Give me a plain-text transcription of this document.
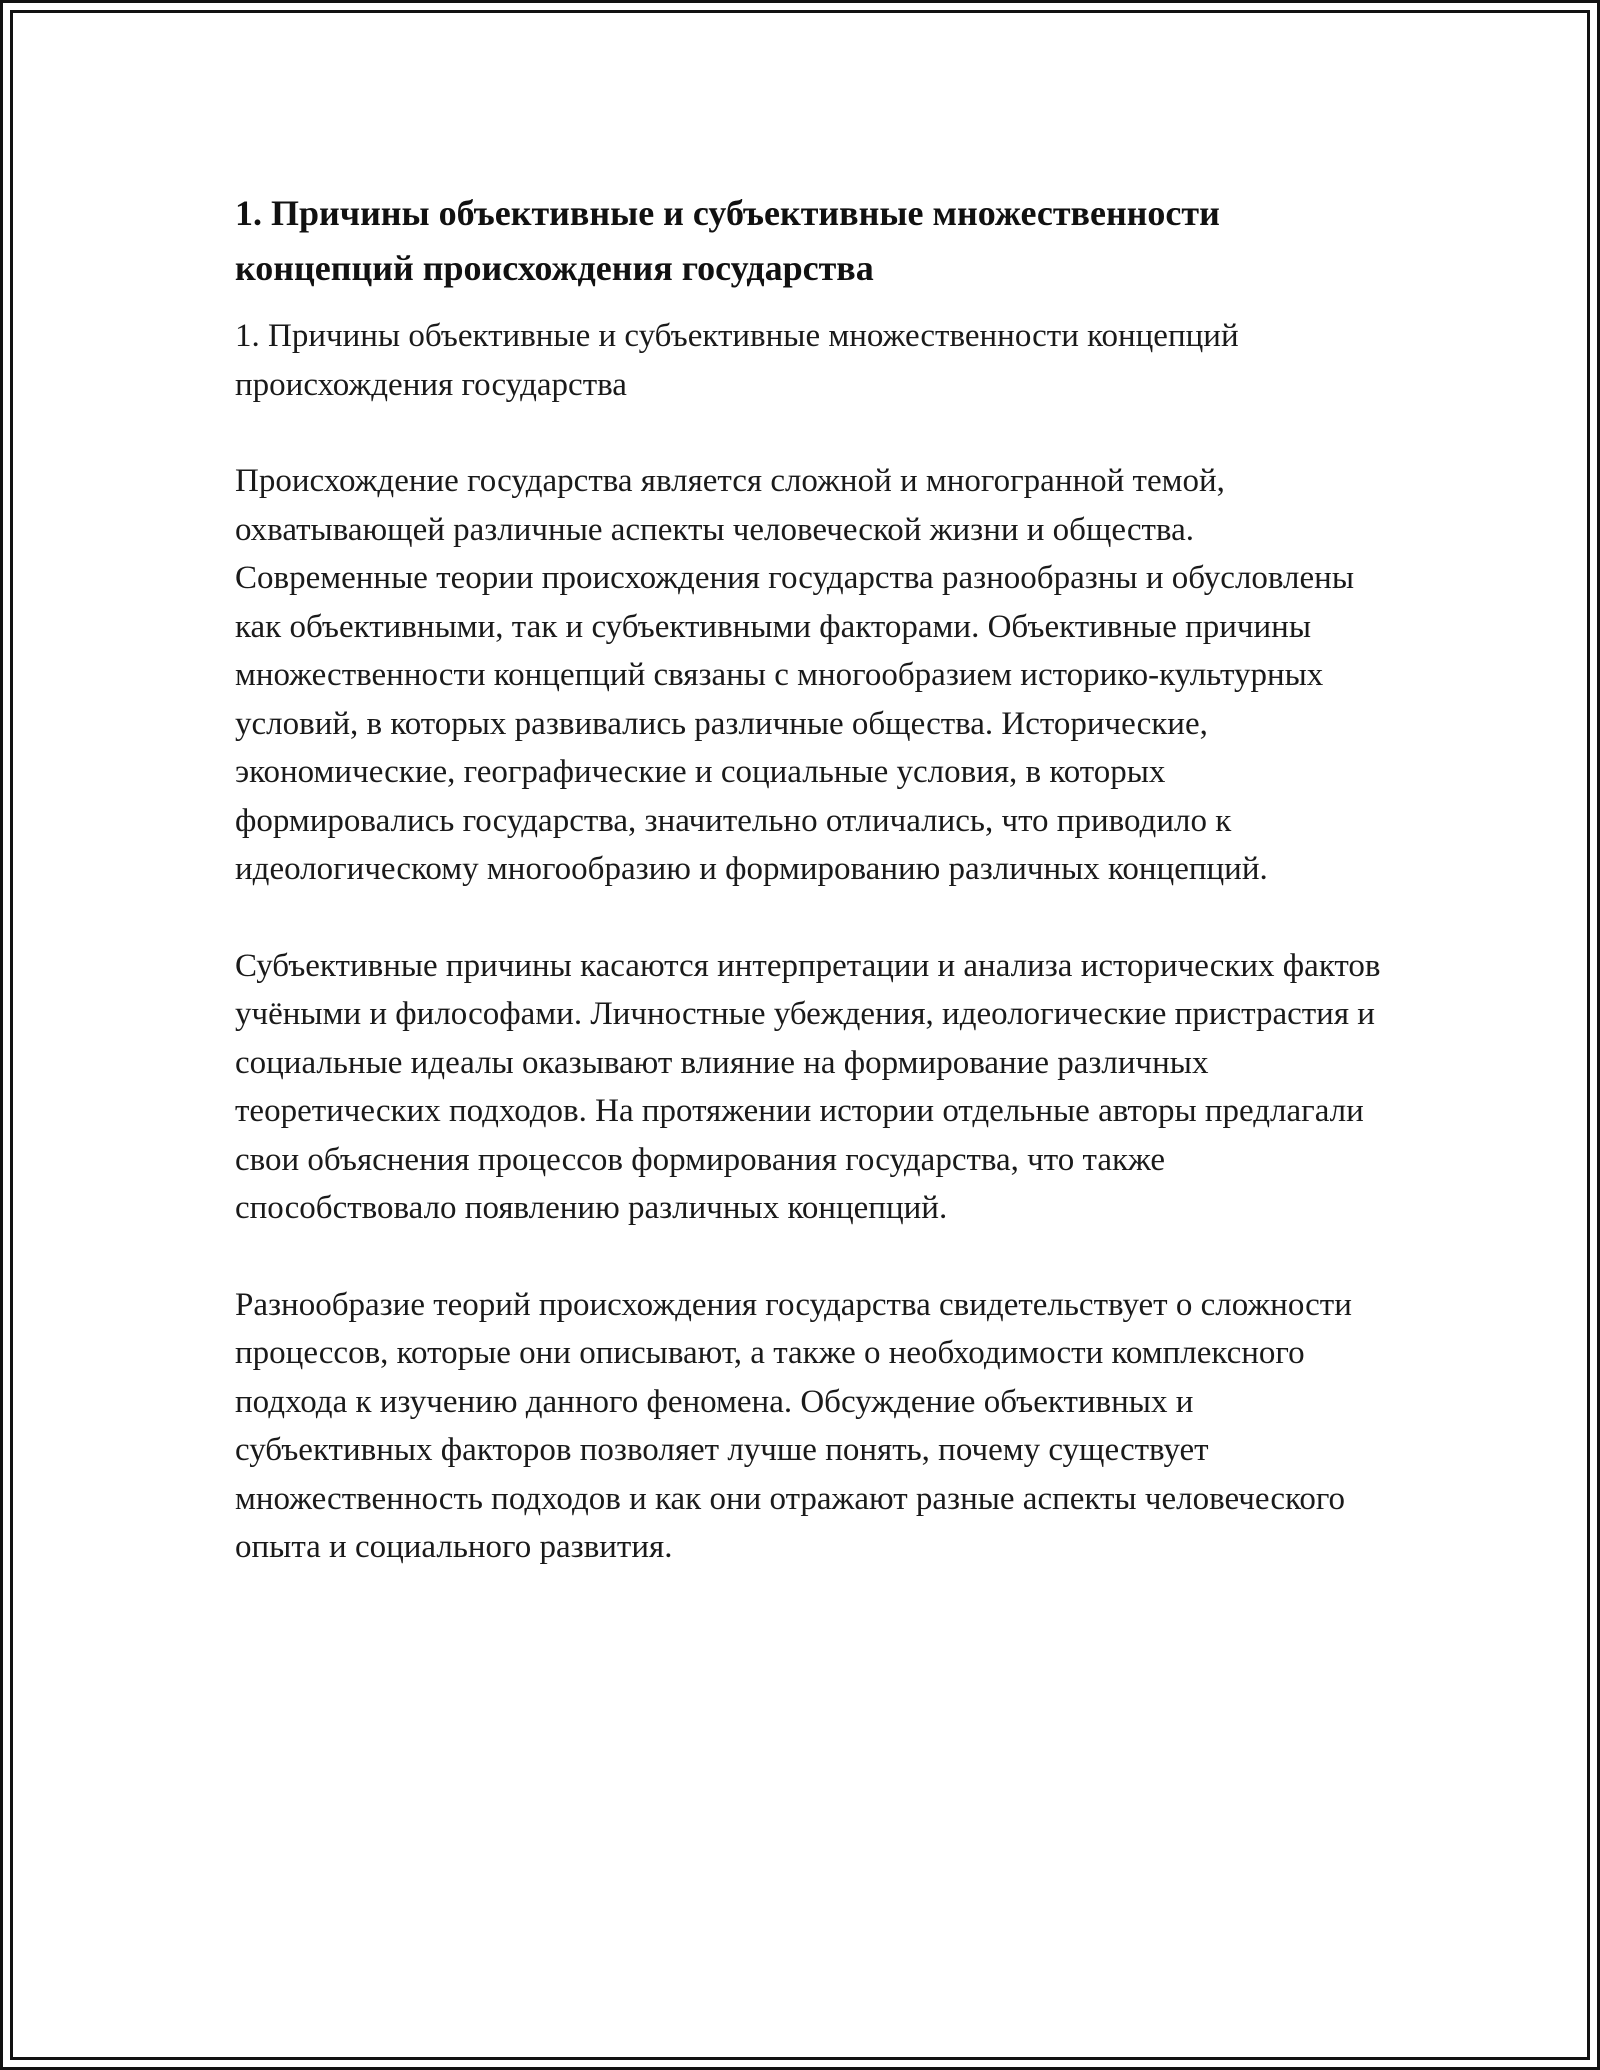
1. Причины объективные и субъективные множественности концепций происхождения государства

1. Причины объективные и субъективные множественности концепций происхождения государства

Происхождение государства является сложной и многогранной темой, охватывающей различные аспекты человеческой жизни и общества. Современные теории происхождения государства разнообразны и обусловлены как объективными, так и субъективными факторами. Объективные причины множественности концепций связаны с многообразием историко-культурных условий, в которых развивались различные общества. Исторические, экономические, географические и социальные условия, в которых формировались государства, значительно отличались, что приводило к идеологическому многообразию и формированию различных концепций.

Субъективные причины касаются интерпретации и анализа исторических фактов учёными и философами. Личностные убеждения, идеологические пристрастия и социальные идеалы оказывают влияние на формирование различных теоретических подходов. На протяжении истории отдельные авторы предлагали свои объяснения процессов формирования государства, что также способствовало появлению различных концепций.

Разнообразие теорий происхождения государства свидетельствует о сложности процессов, которые они описывают, а также о необходимости комплексного подхода к изучению данного феномена. Обсуждение объективных и субъективных факторов позволяет лучше понять, почему существует множественность подходов и как они отражают разные аспекты человеческого опыта и социального развития.
